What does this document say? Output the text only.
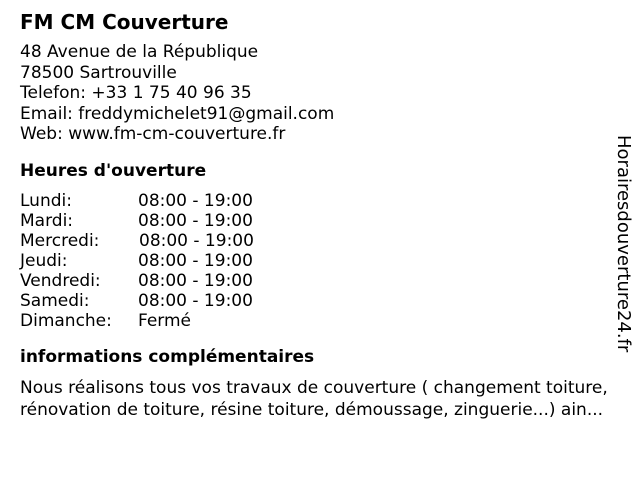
FM CM Couverture
48 Avenue de la République
78500 Sartrouville
Telefon: +33 1 75 40 96 35
Email: freddymichelet91@gmail.com
Web: www.fm-cm-couverture.fr
Heures d'ouverture
Lundi:	08:00 - 19:00
Mardi:	08:00 - 19:00
Mercredi:	08:00 - 19:00
Jeudi:	08:00 - 19:00
Vendredi:	08:00 - 19:00
Samedi:	08:00 - 19:00
Dimanche:	Fermé
informations complémentaires
Nous réalisons tous vos travaux de couverture ( changement toiture, rénovation de toiture, résine toiture, démoussage, zinguerie...) ain...
Horairesdouverture24.fr
